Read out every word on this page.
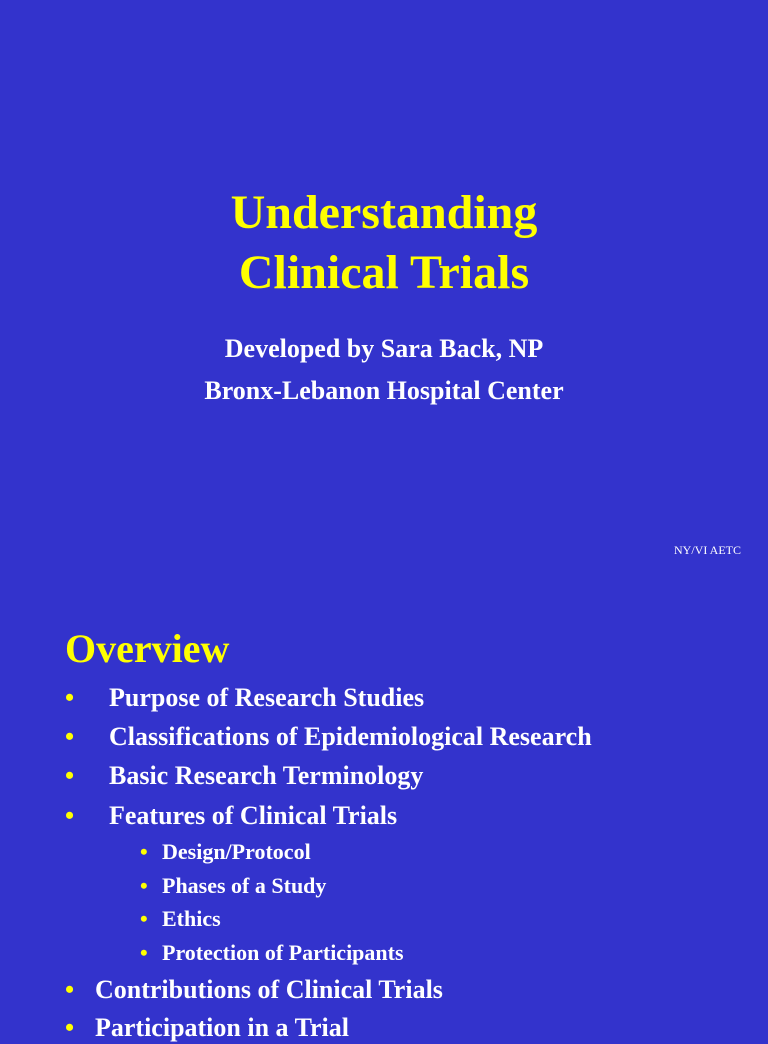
Understanding
Clinical Trials
Developed by Sara Back, NP
Bronx-Lebanon Hospital Center
NY/VI AETC
Overview
• Purpose of Research Studies
• Classifications of Epidemiological Research
• Basic Research Terminology
• Features of Clinical Trials
• Design/Protocol
• Phases of a Study
• Ethics
• Protection of Participants
• Contributions of Clinical Trials
• Participation in a Trial
